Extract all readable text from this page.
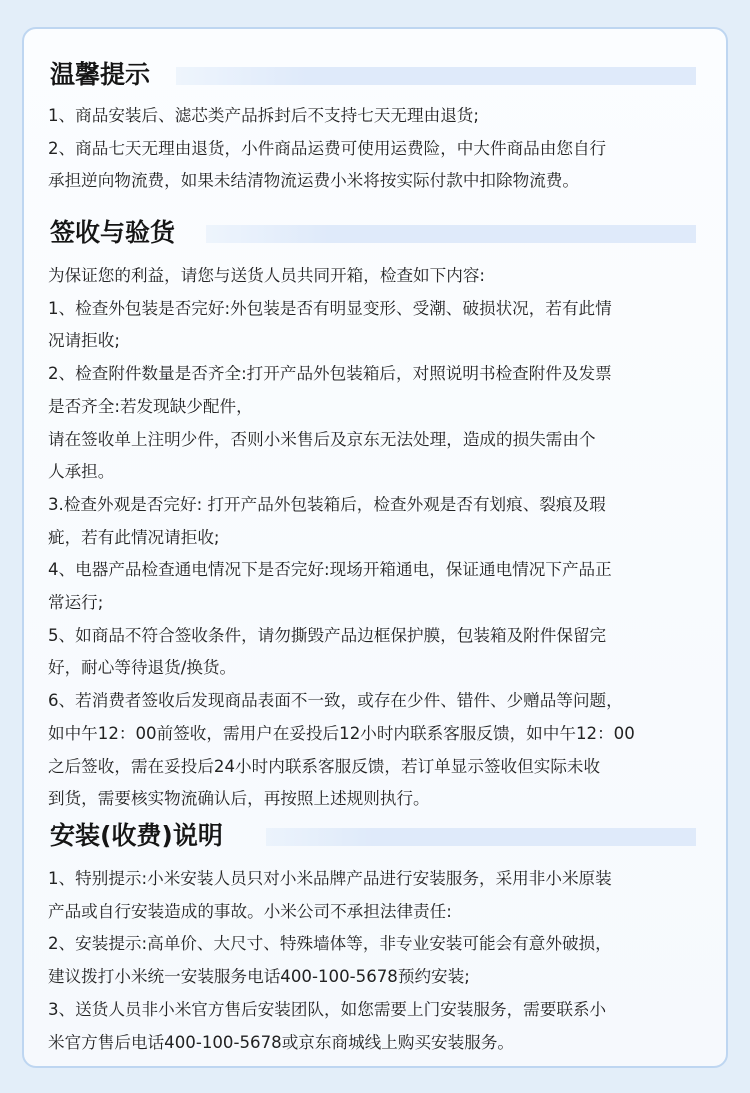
温馨提示

1、商品安装后、滤芯类产品拆封后不支持七天无理由退货;

2、商品七天无理由退货，小件商品运费可使用运费险，中大件商品由您自行

承担逆向物流费，如果未结清物流运费小米将按实际付款中扣除物流费。

签收与验货

为保证您的利益，请您与送货人员共同开箱，检查如下内容:

1、检查外包装是否完好:外包装是否有明显变形、受潮、破损状况，若有此情

况请拒收;

2、检查附件数量是否齐全:打开产品外包装箱后，对照说明书检查附件及发票

是否齐全:若发现缺少配件，

请在签收单上注明少件，否则小米售后及京东无法处理，造成的损失需由个

人承担。

3.检查外观是否完好: 打开产品外包装箱后，检查外观是否有划痕、裂痕及瑕

疵，若有此情况请拒收;

4、电器产品检查通电情况下是否完好:现场开箱通电，保证通电情况下产品正

常运行;

5、如商品不符合签收条件，请勿撕毁产品边框保护膜，包装箱及附件保留完

好，耐心等待退货/换货。

6、若消费者签收后发现商品表面不一致，或存在少件、错件、少赠品等问题，

如中午12：00前签收，需用户在妥投后12小时内联系客服反馈，如中午12：00

之后签收，需在妥投后24小时内联系客服反馈，若订单显示签收但实际未收

到货，需要核实物流确认后，再按照上述规则执行。

安装(收费)说明

1、特别提示:小米安装人员只对小米品牌产品进行安装服务，采用非小米原装

产品或自行安装造成的事故。小米公司不承担法律责任:

2、安装提示:高单价、大尺寸、特殊墙体等，非专业安装可能会有意外破损，

建议拨打小米统一安装服务电话400-100-5678预约安装;

3、送货人员非小米官方售后安装团队，如您需要上门安装服务，需要联系小

米官方售后电话400-100-5678或京东商城线上购买安装服务。
